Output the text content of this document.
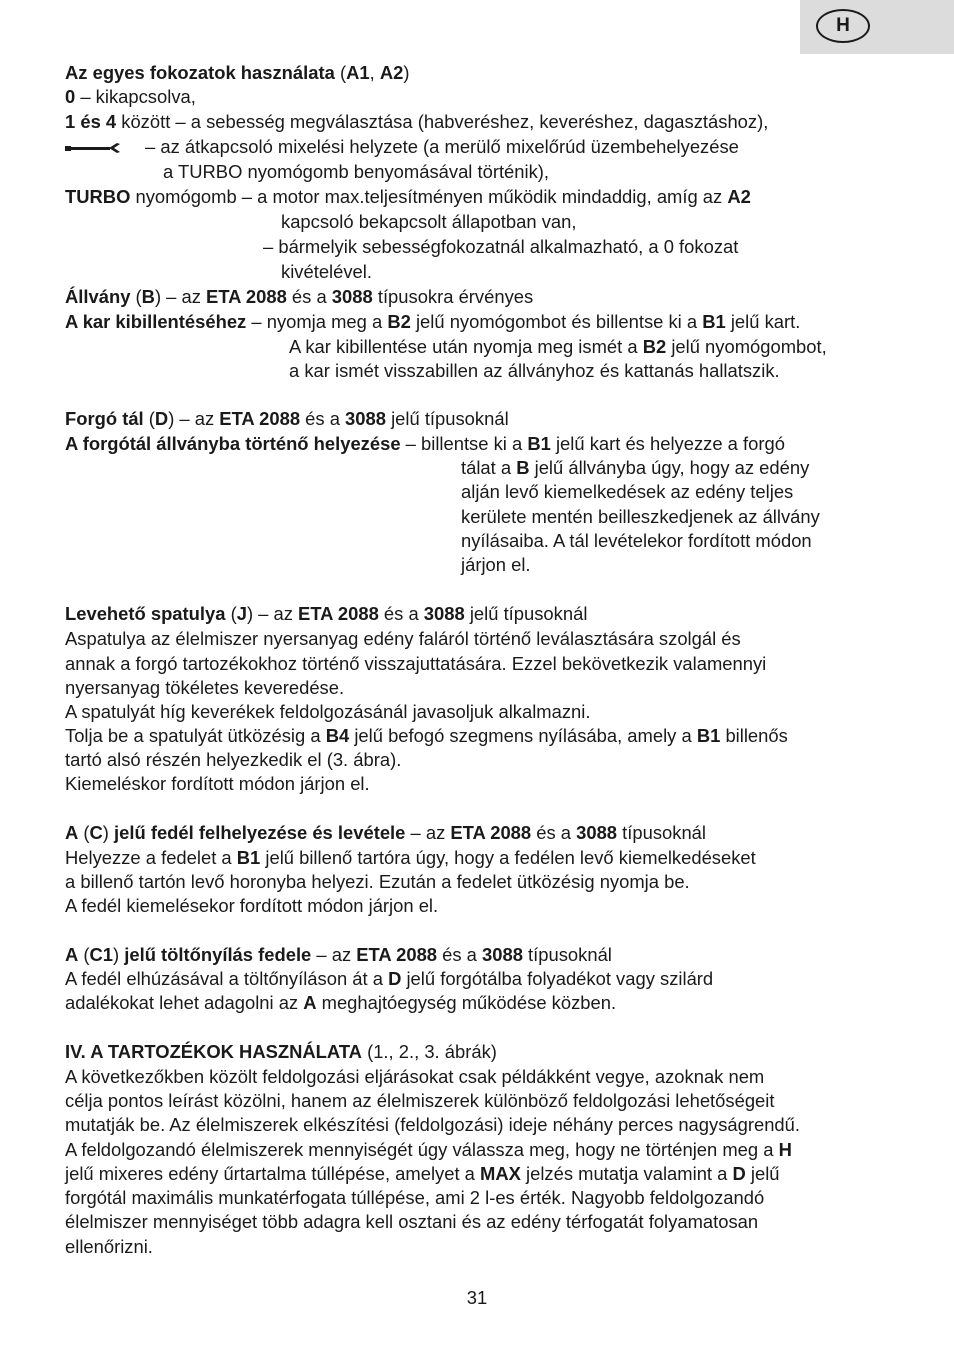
H
Az egyes fokozatok használata (A1, A2)
0 – kikapcsolva,
1 és 4 között – a sebesség megválasztása (habveréshez, keveréshez, dagasztáshoz),
– az átkapcsoló mixelési helyzete (a merülő mixelőrúd üzembehelyezése
a TURBO nyomógomb benyomásával történik),
TURBO nyomógomb – a motor max.teljesítményen működik mindaddig, amíg az A2
kapcsoló bekapcsolt állapotban van,
– bármelyik sebességfokozatnál alkalmazható, a 0 fokozat
kivételével.
Állvány (B) – az ETA 2088 és a 3088 típusokra érvényes
A kar kibillentéséhez – nyomja meg a B2 jelű nyomógombot és billentse ki a B1 jelű kart.
A kar kibillentése után nyomja meg ismét a B2 jelű nyomógombot,
a kar ismét visszabillen az állványhoz és kattanás hallatszik.
Forgó tál (D) – az ETA 2088 és a 3088 jelű típusoknál
A forgótál állványba történő helyezése – billentse ki a B1 jelű kart és helyezze a forgó
tálat a B jelű állványba úgy, hogy az edény
alján levő kiemelkedések az edény teljes
kerülete mentén beilleszkedjenek az állvány
nyílásaiba. A tál levételekor fordított módon
járjon el.
Levehető spatulya (J) – az ETA 2088 és a 3088 jelű típusoknál
Aspatulya az élelmiszer nyersanyag edény faláról történő leválasztására szolgál és
annak a forgó tartozékokhoz történő visszajuttatására. Ezzel bekövetkezik valamennyi
nyersanyag tökéletes keveredése.
A spatulyát híg keverékek feldolgozásánál javasoljuk alkalmazni.
Tolja be a spatulyát ütközésig a B4 jelű befogó szegmens nyílásába, amely a B1 billenős
tartó alsó részén helyezkedik el (3. ábra).
Kiemeléskor fordított módon járjon el.
A (C) jelű fedél felhelyezése és levétele – az ETA 2088 és a 3088 típusoknál
Helyezze a fedelet a B1 jelű billenő tartóra úgy, hogy a fedélen levő kiemelkedéseket
a billenő tartón levő horonyba helyezi. Ezután a fedelet ütközésig nyomja be.
A fedél kiemelésekor fordított módon járjon el.
A (C1) jelű töltőnyílás fedele – az ETA 2088 és a 3088 típusoknál
A fedél elhúzásával a töltőnyíláson át a D jelű forgótálba folyadékot vagy szilárd
adalékokat lehet adagolni az A meghajtóegység működése közben.
IV. A TARTOZÉKOK HASZNÁLATA (1., 2., 3. ábrák)
A következőkben közölt feldolgozási eljárásokat csak példákként vegye, azoknak nem
célja pontos leírást közölni, hanem az élelmiszerek különböző feldolgozási lehetőségeit
mutatják be. Az élelmiszerek elkészítési (feldolgozási) ideje néhány perces nagyságrendű.
A feldolgozandó élelmiszerek mennyiségét úgy válassza meg, hogy ne történjen meg a H
jelű mixeres edény űrtartalma túllépése, amelyet a MAX jelzés mutatja valamint a D jelű
forgótál maximális munkatérfogata túllépése, ami 2 l-es érték. Nagyobb feldolgozandó
élelmiszer mennyiséget több adagra kell osztani és az edény térfogatát folyamatosan
ellenőrizni.
31
